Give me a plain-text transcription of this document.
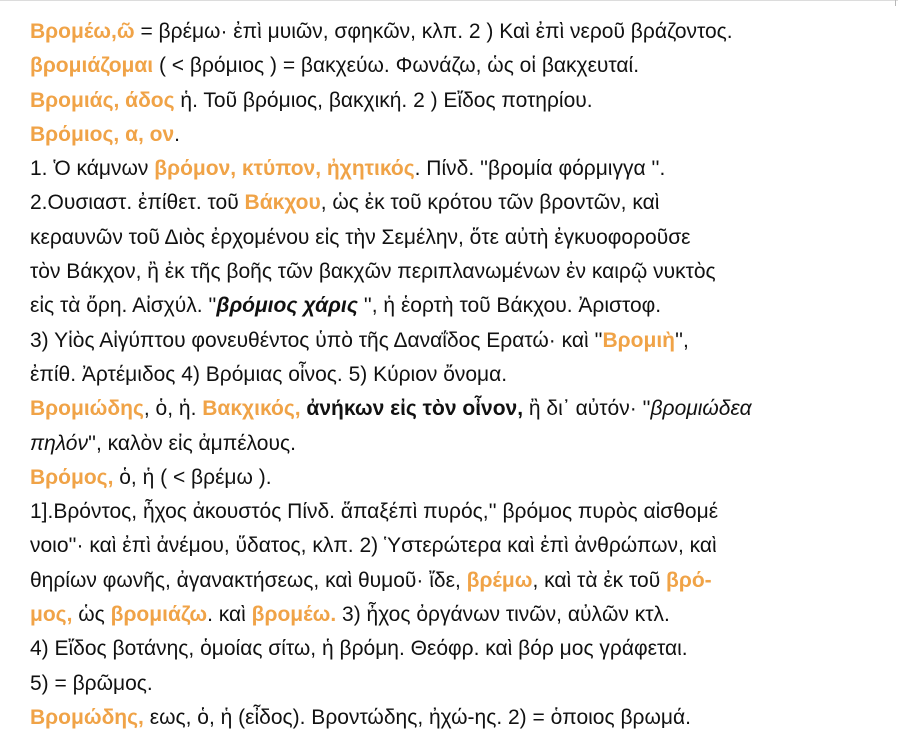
Βρομέω,ῶ = βρέμω· ἐπὶ μυιῶν, σφηκῶν, κλπ. 2 ) Καὶ ἐπὶ νεροῦ βράζοντος.
βρομιάζομαι ( < βρόμιος ) = βακχεύω. Φωνάζω, ὡς οἱ βακχευταί.
Βρομιάς, άδος ἡ. Τοῦ βρόμιος, βακχική. 2 ) Εἴδος ποτηρίου.
Βρόμιος, α, ον.
1. Ὁ κάμνων βρόμον, κτύπον, ἠχητικός. Πίνδ. ''βρομία φόρμιγγα ''.
2.Ουσιαστ. ἐπίθετ. τοῦ Βάκχου, ὡς ἐκ τοῦ κρότου τῶν βροντῶν, καὶ
κεραυνῶν τοῦ Διὸς ἐρχομένου εἰς τὴν Σεμέλην, ὅτε αὐτὴ ἐγκυοφοροῦσε
τὸν Βάκχον, ἢ ἐκ τῆς βοῆς τῶν βακχῶν περιπλανωμένων ἐν καιρῷ νυκτὸς
εἰς τὰ ὄρη. Αἰσχύλ. ''βρόμιος χάρις '', ἡ ἑορτὴ τοῦ Βάκχου. Ἀριστοφ.
3) Υἱὸς Αἰγύπτου φονευθέντος ὑπὸ τῆς Δαναΐδος Ερατώ· καὶ ''Βρομιὴ'',
ἐπίθ. Ἀρτέμιδος 4) Βρόμιας οἶνος. 5) Κύριον ὄνομα.
Βρομιώδης, ὁ, ἡ. Βακχικός, ἀνήκων εἰς τὸν οἶνον, ἢ δι᾿ αὐτόν· ''βρομιώδεα
πηλόν'', καλὸν εἰς ἀμπέλους.
Βρόμος, ὁ, ἡ ( < βρέμω ).
1].Βρόντος, ἦχος ἀκουστός Πίνδ. ἅπαξέπὶ πυρός,'' βρόμος πυρὸς αἰσθομέ
νοιο''· καὶ ἐπὶ ἀνέμου, ὕδατος, κλπ. 2) Ὑστερώτερα καὶ ἐπὶ ἀνθρώπων, καὶ
θηρίων φωνῆς, ἀγανακτήσεως, καὶ θυμοῦ· ἴδε, βρέμω, καὶ τὰ ἐκ τοῦ βρό-
μος, ὡς βρομιάζω. καὶ βρομέω. 3) ἦχος ὀργάνων τινῶν, αὐλῶν κτλ.
4) Εἴδος βοτάνης, ὁμοίας σίτω, ἡ βρόμη. Θεόφρ. καὶ βόρ μος γράφεται.
5) = βρῶμος.
Βρομώδης, εως, ὁ, ἡ (εἶδος). Βροντώδης, ἠχώ-ης. 2) = ὁποιος βρωμά.
